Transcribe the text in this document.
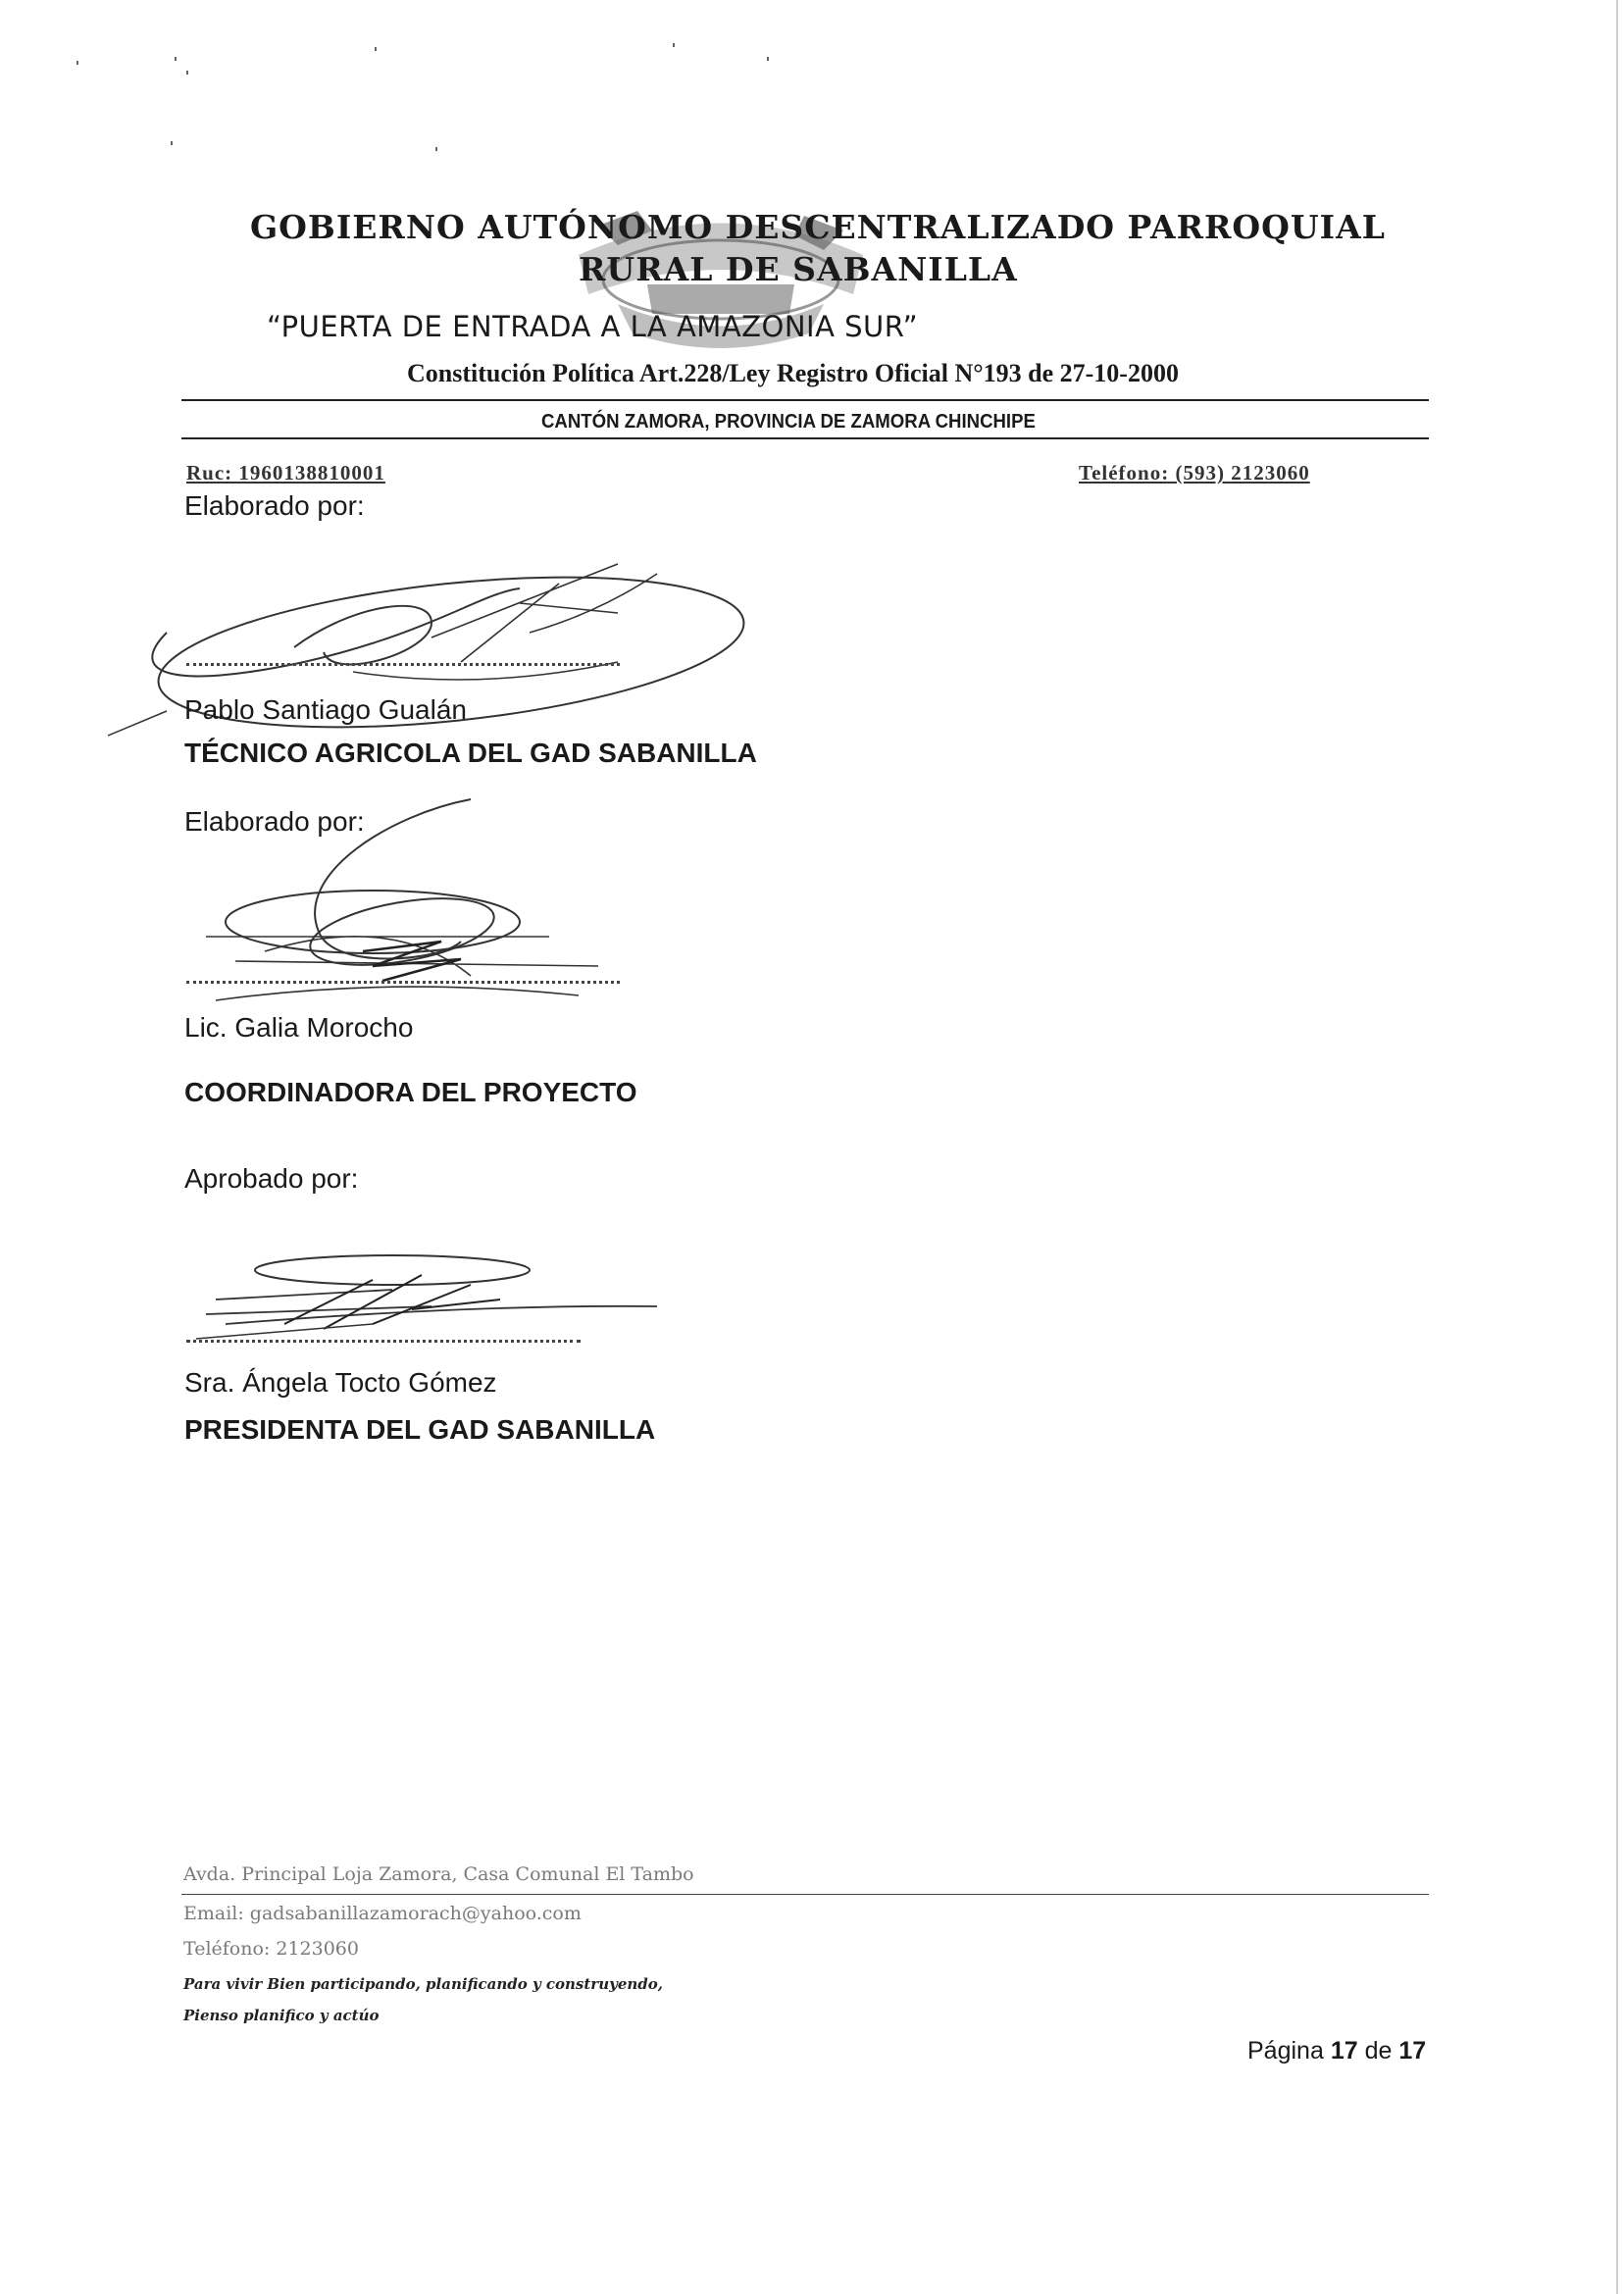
GOBIERNO AUTÓNOMO DESCENTRALIZADO PARROQUIAL
RURAL DE SABANILLA
“PUERTA DE ENTRADA A LA AMAZONIA SUR”
Constitución Política Art.228/Ley Registro Oficial N°193 de 27-10-2000
CANTÓN ZAMORA, PROVINCIA DE ZAMORA CHINCHIPE
Ruc: 1960138810001	Teléfono: (593) 2123060
Elaborado por:
Pablo Santiago Gualán
TÉCNICO AGRICOLA DEL GAD SABANILLA
Elaborado por:
Lic. Galia Morocho
COORDINADORA DEL PROYECTO
Aprobado por:
Sra. Ángela Tocto Gómez
PRESIDENTA DEL GAD SABANILLA
Avda. Principal Loja Zamora, Casa Comunal El Tambo
Email: gadsabanillazamorach@yahoo.com
Teléfono: 2123060
Para vivir Bien participando, planificando y construyendo,
Pienso planifico y actúo
Página 17 de 17
